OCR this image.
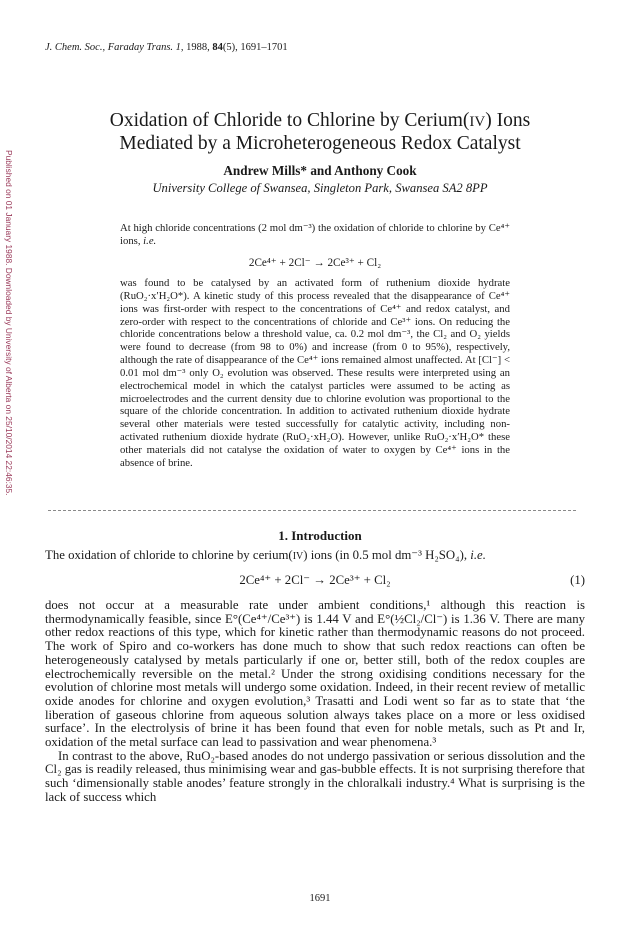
Published on 01 January 1988. Downloaded by University of Alberta on 25/10/2014 22:46:35.
J. Chem. Soc., Faraday Trans. 1, 1988, 84(5), 1691–1701
Oxidation of Chloride to Chlorine by Cerium(IV) Ions
Mediated by a Microheterogeneous Redox Catalyst
Andrew Mills* and Anthony Cook
University College of Swansea, Singleton Park, Swansea SA2 8PP

At high chloride concentrations (2 mol dm⁻³) the oxidation of chloride to chlorine by Ce⁴⁺ ions, i.e.

2Ce⁴⁺ + 2Cl⁻ → 2Ce³⁺ + Cl₂

was found to be catalysed by an activated form of ruthenium dioxide hydrate (RuO₂·x′H₂O*). A kinetic study of this process revealed that the disappearance of Ce⁴⁺ ions was first-order with respect to the concentrations of Ce⁴⁺ and redox catalyst, and zero-order with respect to the concentrations of chloride and Ce³⁺ ions. On reducing the chloride concentrations below a threshold value, ca. 0.2 mol dm⁻³, the Cl₂ and O₂ yields were found to decrease (from 98 to 0%) and increase (from 0 to 95%), respectively, although the rate of disappearance of the Ce⁴⁺ ions remained almost unaffected. At [Cl⁻] < 0.01 mol dm⁻³ only O₂ evolution was observed. These results were interpreted using an electrochemical model in which the catalyst particles were assumed to be acting as microelectrodes and the current density due to chlorine evolution was proportional to the square of the chloride concentration. In addition to activated ruthenium dioxide hydrate several other materials were tested successfully for catalytic activity, including non-activated ruthenium dioxide hydrate (RuO₂·xH₂O). However, unlike RuO₂·x′H₂O* these other materials did not catalyse the oxidation of water to oxygen by Ce⁴⁺ ions in the absence of brine.

1. Introduction
The oxidation of chloride to chlorine by cerium(IV) ions (in 0.5 mol dm⁻³ H₂SO₄), i.e.
2Ce⁴⁺ + 2Cl⁻ → 2Ce³⁺ + Cl₂	(1)

does not occur at a measurable rate under ambient conditions,¹ although this reaction is thermodynamically feasible, since E°(Ce⁴⁺/Ce³⁺) is 1.44 V and E°(½Cl₂/Cl⁻) is 1.36 V. There are many other redox reactions of this type, which for kinetic rather than thermodynamic reasons do not proceed. The work of Spiro and co-workers has done much to show that such redox reactions can often be heterogeneously catalysed by metals particularly if one or, better still, both of the redox couples are electrochemically reversible on the metal.² Under the strong oxidising conditions necessary for the evolution of chlorine most metals will undergo some oxidation. Indeed, in their recent review of metallic oxide anodes for chlorine and oxygen evolution,³ Trasatti and Lodi went so far as to state that ‘the liberation of gaseous chlorine from aqueous solution always takes place on a more or less oxidised surface’. In the electrolysis of brine it has been found that even for noble metals, such as Pt and Ir, oxidation of the metal surface can lead to passivation and wear phenomena.³

In contrast to the above, RuO₂-based anodes do not undergo passivation or serious dissolution and the Cl₂ gas is readily released, thus minimising wear and gas-bubble effects. It is not surprising therefore that such ‘dimensionally stable anodes’ feature strongly in the chloralkali industry.⁴ What is surprising is the lack of success which

1691
